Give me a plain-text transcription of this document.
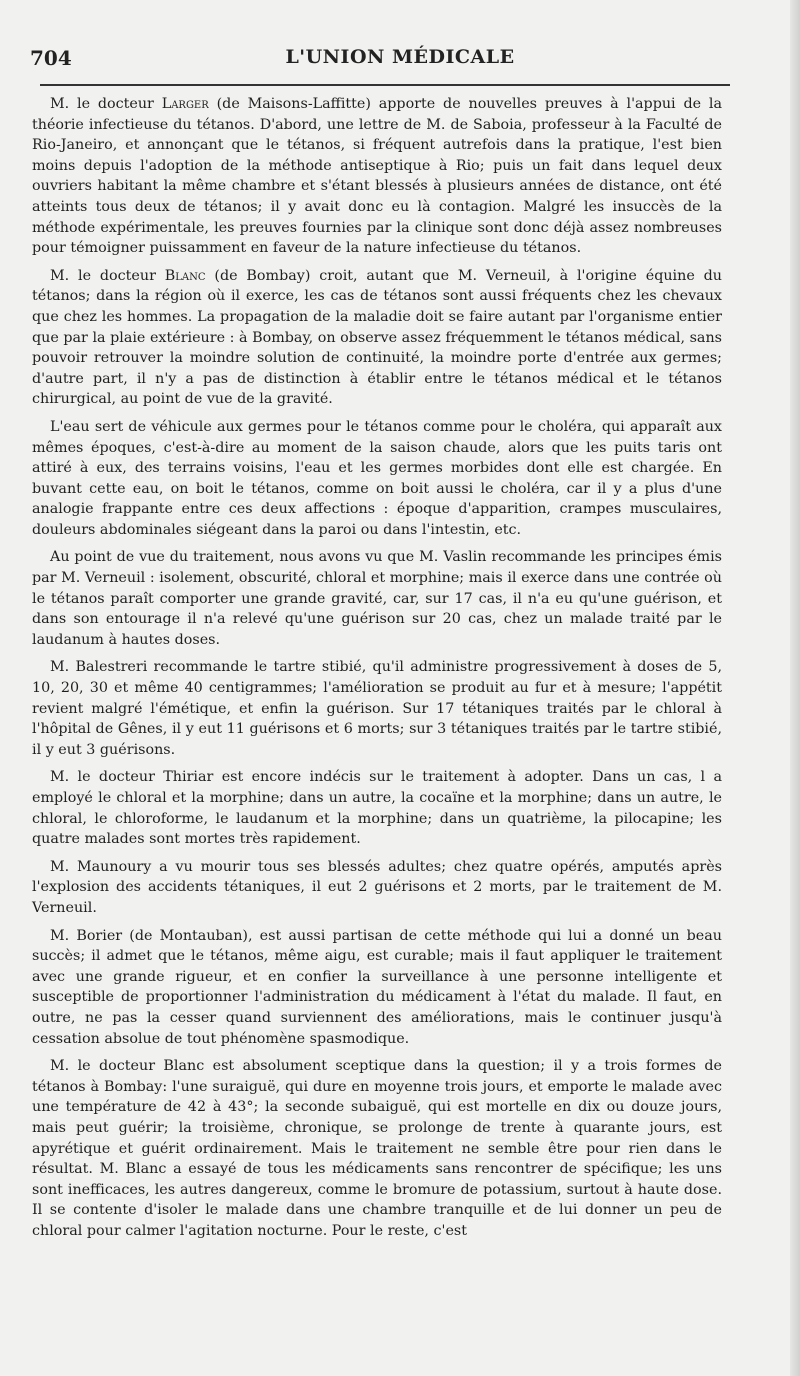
704	L'UNION MÉDICALE

M. le docteur Larger (de Maisons-Laffitte) apporte de nouvelles preuves à l'appui de la théorie infectieuse du tétanos. D'abord, une lettre de M. de Saboia, professeur à la Faculté de Rio-Janeiro, et annonçant que le tétanos, si fréquent autrefois dans la pratique, l'est bien moins depuis l'adoption de la méthode antiseptique à Rio; puis un fait dans lequel deux ouvriers habitant la même chambre et s'étant blessés à plusieurs années de distance, ont été atteints tous deux de tétanos; il y avait donc eu là contagion. Malgré les insuccès de la méthode expérimentale, les preuves fournies par la clinique sont donc déjà assez nombreuses pour témoigner puissamment en faveur de la nature infectieuse du tétanos.

M. le docteur Blanc (de Bombay) croit, autant que M. Verneuil, à l'origine équine du tétanos; dans la région où il exerce, les cas de tétanos sont aussi fréquents chez les chevaux que chez les hommes. La propagation de la maladie doit se faire autant par l'organisme entier que par la plaie extérieure : à Bombay, on observe assez fréquemment le tétanos médical, sans pouvoir retrouver la moindre solution de continuité, la moindre porte d'entrée aux germes; d'autre part, il n'y a pas de distinction à établir entre le tétanos médical et le tétanos chirurgical, au point de vue de la gravité.

L'eau sert de véhicule aux germes pour le tétanos comme pour le choléra, qui apparaît aux mêmes époques, c'est-à-dire au moment de la saison chaude, alors que les puits taris ont attiré à eux, des terrains voisins, l'eau et les germes morbides dont elle est chargée. En buvant cette eau, on boit le tétanos, comme on boit aussi le choléra, car il y a plus d'une analogie frappante entre ces deux affections : époque d'apparition, crampes musculaires, douleurs abdominales siégeant dans la paroi ou dans l'intestin, etc.

Au point de vue du traitement, nous avons vu que M. Vaslin recommande les principes émis par M. Verneuil : isolement, obscurité, chloral et morphine; mais il exerce dans une contrée où le tétanos paraît comporter une grande gravité, car, sur 17 cas, il n'a eu qu'une guérison, et dans son entourage il n'a relevé qu'une guérison sur 20 cas, chez un malade traité par le laudanum à hautes doses.

M. Balestreri recommande le tartre stibié, qu'il administre progressivement à doses de 5, 10, 20, 30 et même 40 centigrammes; l'amélioration se produit au fur et à mesure; l'appétit revient malgré l'émétique, et enfin la guérison. Sur 17 tétaniques traités par le chloral à l'hôpital de Gênes, il y eut 11 guérisons et 6 morts; sur 3 tétaniques traités par le tartre stibié, il y eut 3 guérisons.

M. le docteur Thiriar est encore indécis sur le traitement à adopter. Dans un cas, l a employé le chloral et la morphine; dans un autre, la cocaïne et la morphine; dans un autre, le chloral, le chloroforme, le laudanum et la morphine; dans un quatrième, la pilocapine; les quatre malades sont mortes très rapidement.

M. Maunoury a vu mourir tous ses blessés adultes; chez quatre opérés, amputés après l'explosion des accidents tétaniques, il eut 2 guérisons et 2 morts, par le traitement de M. Verneuil.

M. Borier (de Montauban), est aussi partisan de cette méthode qui lui a donné un beau succès; il admet que le tétanos, même aigu, est curable; mais il faut appliquer le traitement avec une grande rigueur, et en confier la surveillance à une personne intelligente et susceptible de proportionner l'administration du médicament à l'état du malade. Il faut, en outre, ne pas la cesser quand surviennent des améliorations, mais le continuer jusqu'à cessation absolue de tout phénomène spasmodique.

M. le docteur Blanc est absolument sceptique dans la question; il y a trois formes de tétanos à Bombay: l'une suraiguë, qui dure en moyenne trois jours, et emporte le malade avec une température de 42 à 43°; la seconde subaiguë, qui est mortelle en dix ou douze jours, mais peut guérir; la troisième, chronique, se prolonge de trente à quarante jours, est apyrétique et guérit ordinairement. Mais le traitement ne semble être pour rien dans le résultat. M. Blanc a essayé de tous les médicaments sans rencontrer de spécifique; les uns sont inefficaces, les autres dangereux, comme le bromure de potassium, surtout à haute dose. Il se contente d'isoler le malade dans une chambre tranquille et de lui donner un peu de chloral pour calmer l'agitation nocturne. Pour le reste, c'est
